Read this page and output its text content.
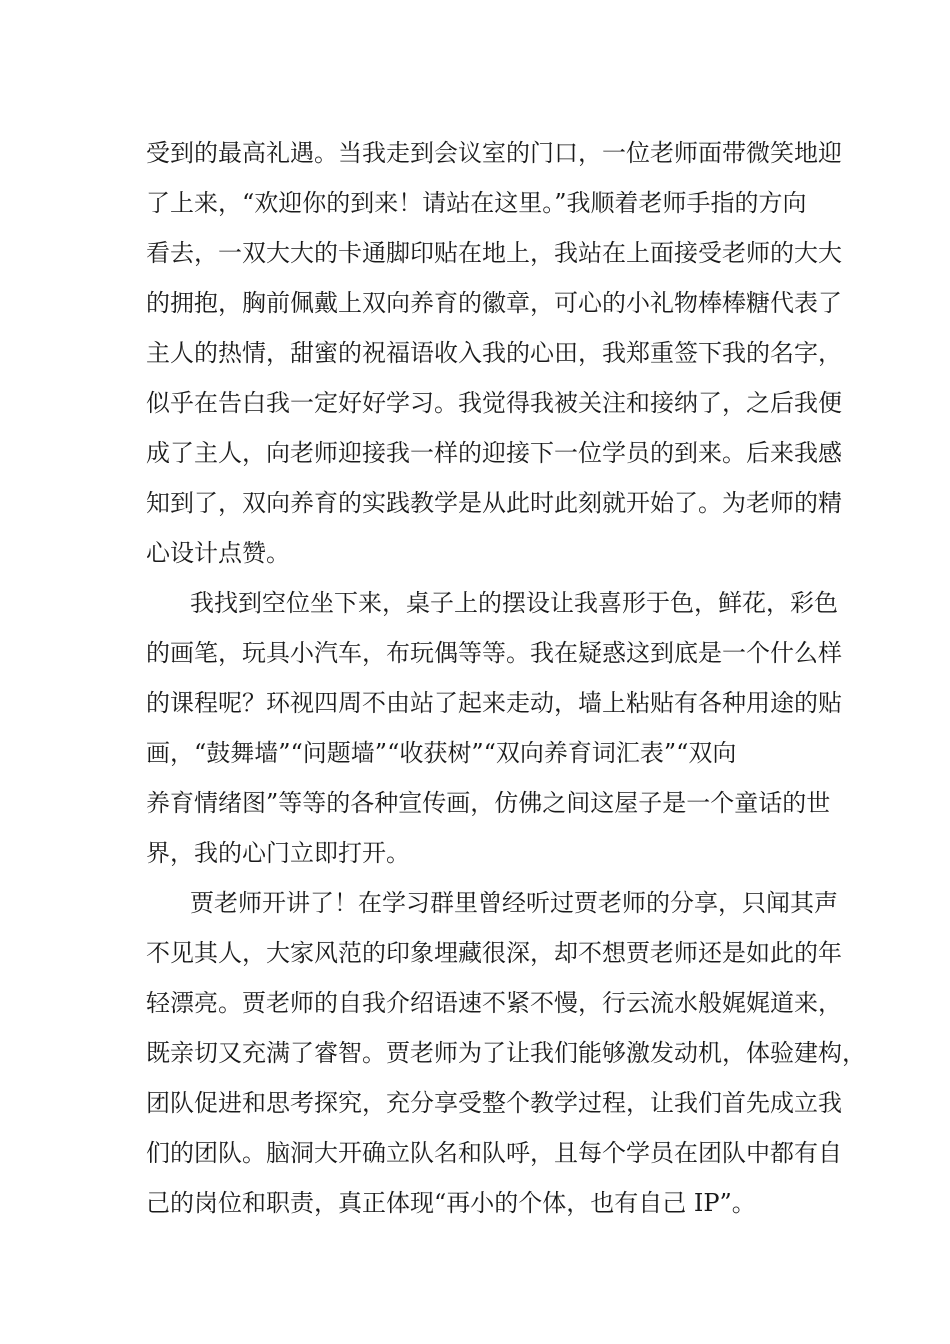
受到的最高礼遇。当我走到会议室的门口，一位老师面带微笑地迎
了上来，“欢迎你的到来！请站在这里。”我顺着老师手指的方向
看去，一双大大的卡通脚印贴在地上，我站在上面接受老师的大大
的拥抱，胸前佩戴上双向养育的徽章，可心的小礼物棒棒糖代表了
主人的热情，甜蜜的祝福语收入我的心田，我郑重签下我的名字，
似乎在告白我一定好好学习。我觉得我被关注和接纳了，之后我便
成了主人，向老师迎接我一样的迎接下一位学员的到来。后来我感
知到了，双向养育的实践教学是从此时此刻就开始了。为老师的精
心设计点赞。
我找到空位坐下来，桌子上的摆设让我喜形于色，鲜花，彩色
的画笔，玩具小汽车，布玩偶等等。我在疑惑这到底是一个什么样
的课程呢？环视四周不由站了起来走动，墙上粘贴有各种用途的贴
画，“鼓舞墙”“问题墙”“收获树”“双向养育词汇表”“双向
养育情绪图”等等的各种宣传画，仿佛之间这屋子是一个童话的世
界，我的心门立即打开。
贾老师开讲了！在学习群里曾经听过贾老师的分享，只闻其声
不见其人，大家风范的印象埋藏很深，却不想贾老师还是如此的年
轻漂亮。贾老师的自我介绍语速不紧不慢，行云流水般娓娓道来，
既亲切又充满了睿智。贾老师为了让我们能够激发动机，体验建构，
团队促进和思考探究，充分享受整个教学过程，让我们首先成立我
们的团队。脑洞大开确立队名和队呼，且每个学员在团队中都有自
己的岗位和职责，真正体现“再小的个体，也有自己 IP”。
